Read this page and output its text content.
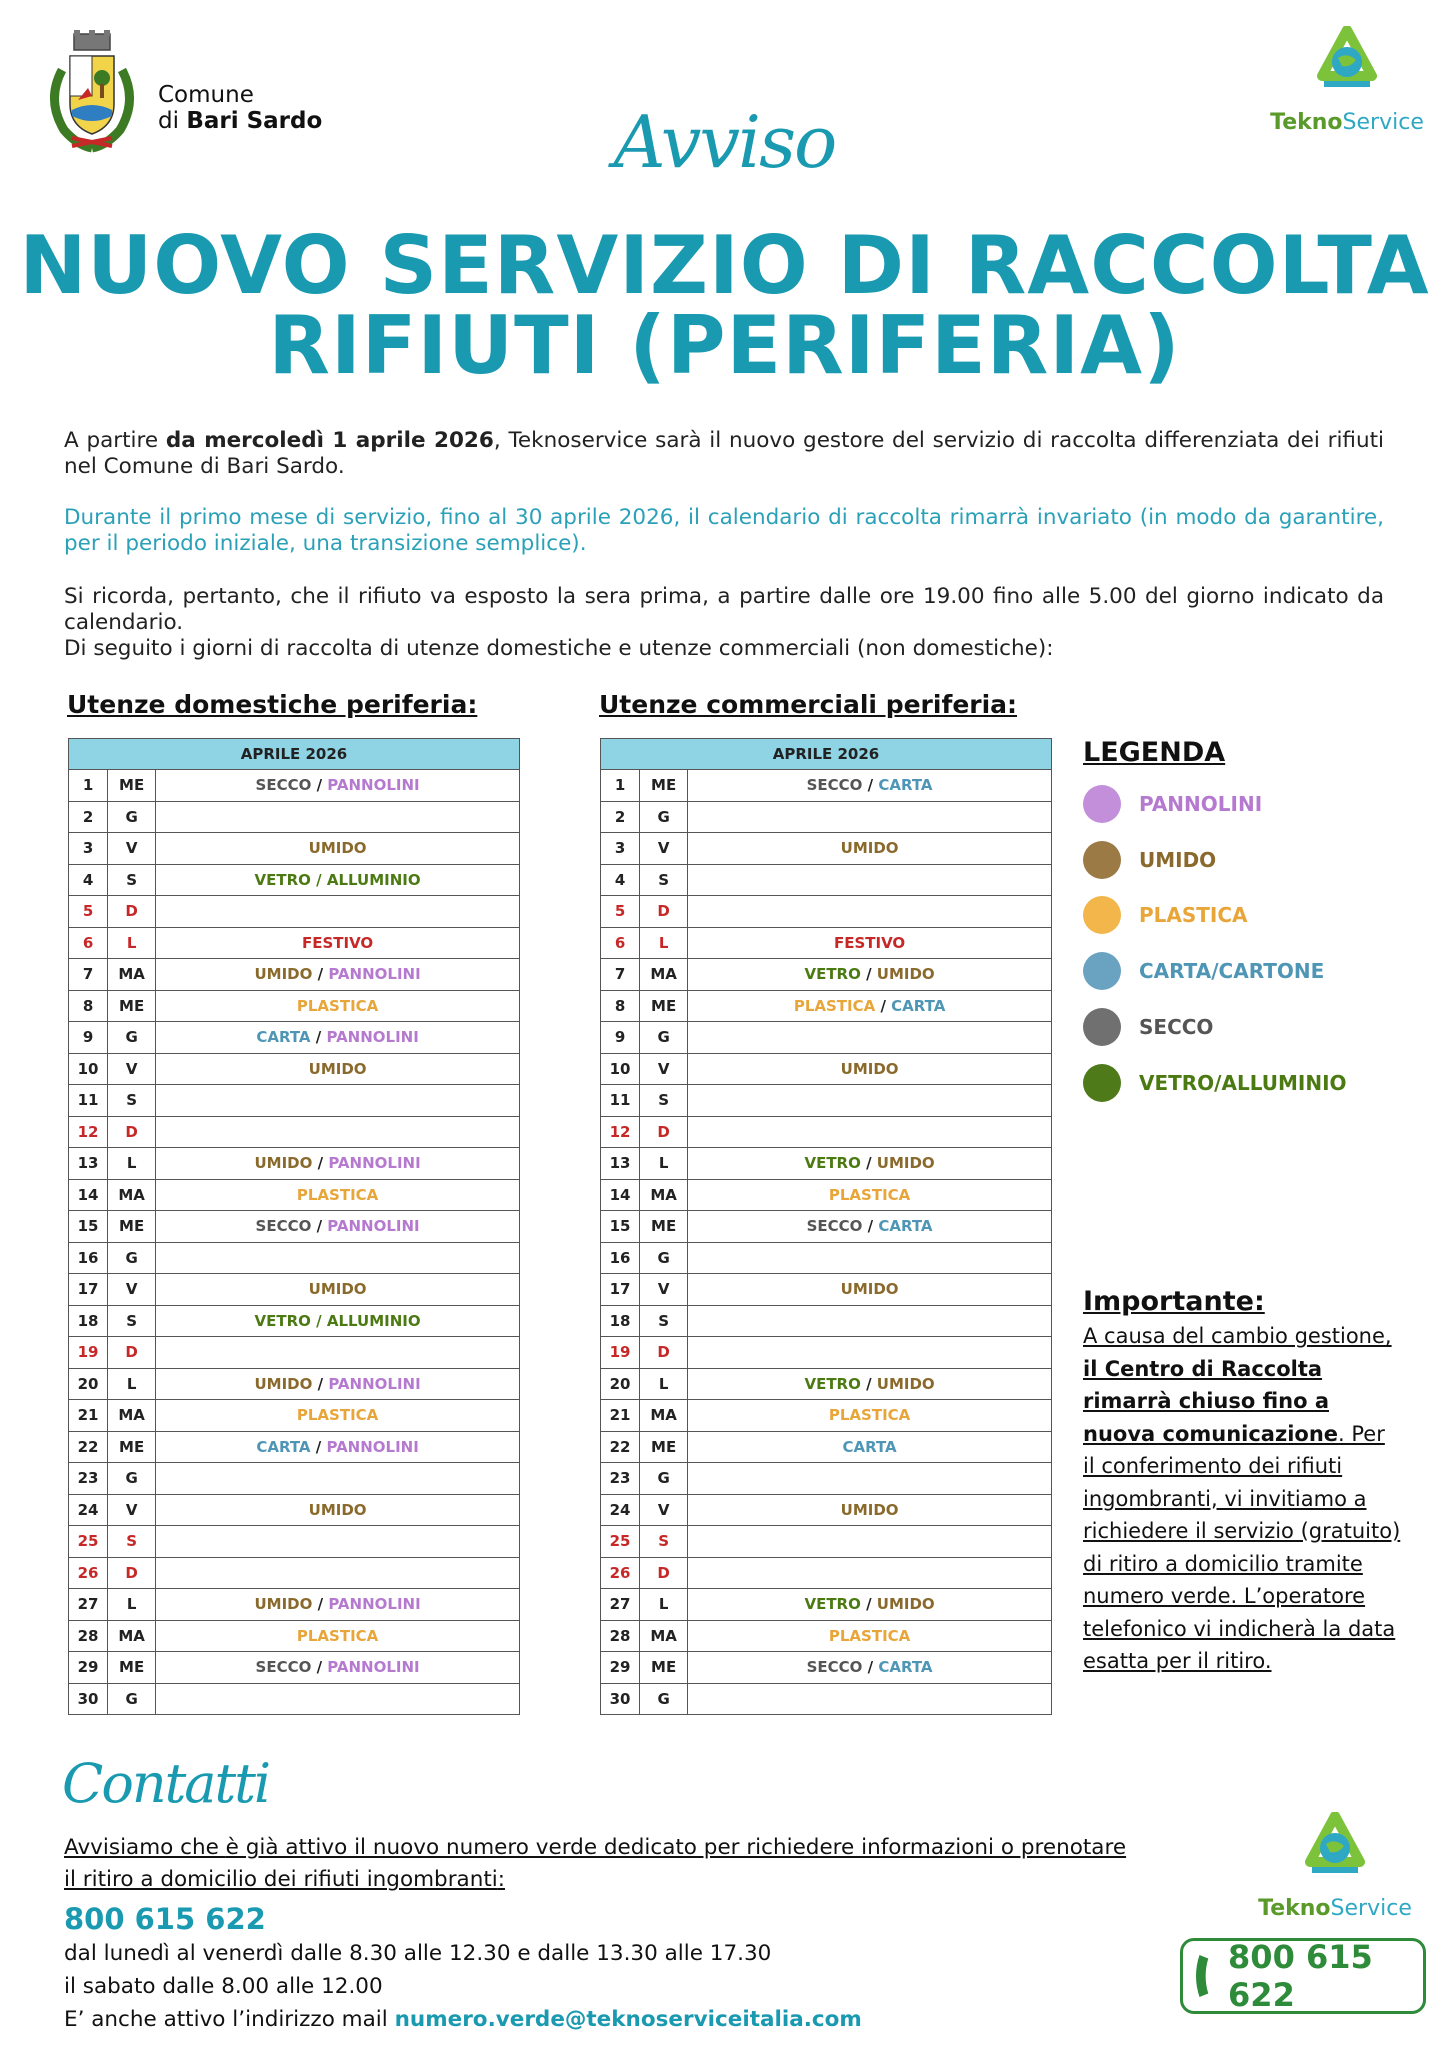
Comune
di Bari Sardo	TeknoService
Avviso
NUOVO SERVIZIO DI RACCOLTA
RIFIUTI (PERIFERIA)
A partire da mercoledì 1 aprile 2026, Teknoservice sarà il nuovo gestore del servizio di raccolta differenziata dei rifiuti nel Comune di Bari Sardo.
Durante il primo mese di servizio, fino al 30 aprile 2026, il calendario di raccolta rimarrà invariato (in modo da garantire, per il periodo iniziale, una transizione semplice).
Si ricorda, pertanto, che il rifiuto va esposto la sera prima, a partire dalle ore 19.00 fino alle 5.00 del giorno indicato da calendario.
Di seguito i giorni di raccolta di utenze domestiche e utenze commerciali (non domestiche):
Utenze domestiche periferia:	Utenze commerciali periferia:
APRILE 2026		
1	ME	SECCO / PANNOLINI
2	G	
3	V	UMIDO
4	S	VETRO / ALLUMINIO
5	D	
6	L	FESTIVO
7	MA	UMIDO / PANNOLINI
8	ME	PLASTICA
9	G	CARTA / PANNOLINI
10	V	UMIDO
11	S	
12	D	
13	L	UMIDO / PANNOLINI
14	MA	PLASTICA
15	ME	SECCO / PANNOLINI
16	G	
17	V	UMIDO
18	S	VETRO / ALLUMINIO
19	D	
20	L	UMIDO / PANNOLINI
21	MA	PLASTICA
22	ME	CARTA / PANNOLINI
23	G	
24	V	UMIDO
25	S	
26	D	
27	L	UMIDO / PANNOLINI
28	MA	PLASTICA
29	ME	SECCO / PANNOLINI
30	G	
APRILE 2026		
1	ME	SECCO / CARTA
2	G	
3	V	UMIDO
4	S	
5	D	
6	L	FESTIVO
7	MA	VETRO / UMIDO
8	ME	PLASTICA / CARTA
9	G	
10	V	UMIDO
11	S	
12	D	
13	L	VETRO / UMIDO
14	MA	PLASTICA
15	ME	SECCO / CARTA
16	G	
17	V	UMIDO
18	S	
19	D	
20	L	VETRO / UMIDO
21	MA	PLASTICA
22	ME	CARTA
23	G	
24	V	UMIDO
25	S	
26	D	
27	L	VETRO / UMIDO
28	MA	PLASTICA
29	ME	SECCO / CARTA
30	G	
LEGENDA
PANNOLINI
UMIDO
PLASTICA
CARTA/CARTONE
SECCO
VETRO/ALLUMINIO
Importante:
A causa del cambio gestione, il Centro di Raccolta rimarrà chiuso fino a nuova comunicazione. Per il conferimento dei rifiuti ingombranti, vi invitiamo a richiedere il servizio (gratuito) di ritiro a domicilio tramite numero verde. L’operatore telefonico vi indicherà la data esatta per il ritiro.
Contatti
Avvisiamo che è già attivo il nuovo numero verde dedicato per richiedere informazioni o prenotare il ritiro a domicilio dei rifiuti ingombranti:
800 615 622
dal lunedì al venerdì dalle 8.30 alle 12.30 e dalle 13.30 alle 17.30
il sabato dalle 8.00 alle 12.00
E’ anche attivo l’indirizzo mail numero.verde@teknoserviceitalia.com
TeknoService
800 615 622
